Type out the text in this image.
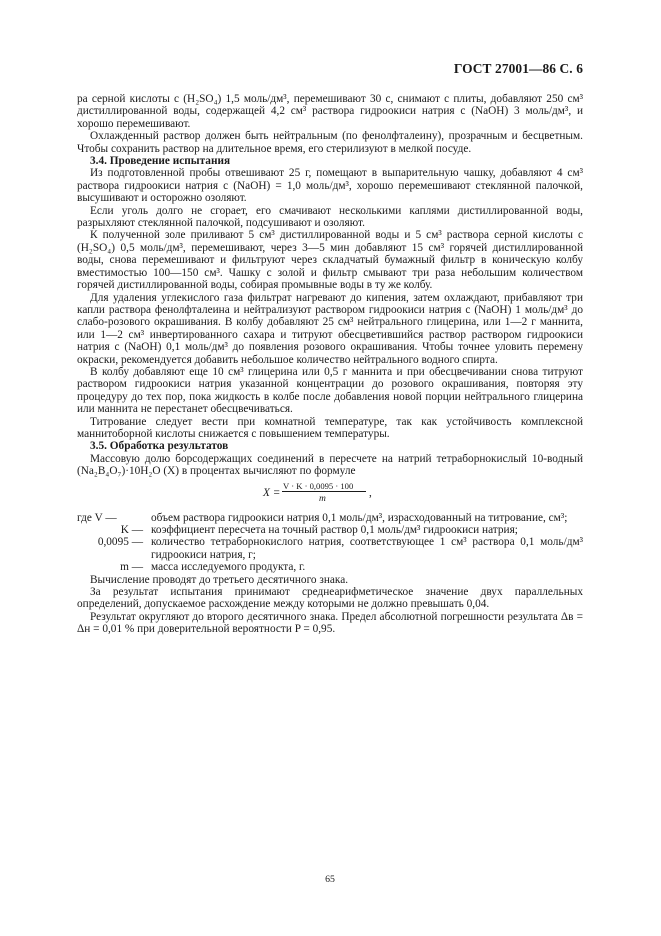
ГОСТ 27001—86 С. 6

ра серной кислоты c (H₂SO₄) 1,5 моль/дм³, перемешивают 30 с, снимают с плиты, добавляют 250 см³ дистиллированной воды, содержащей 4,2 см³ раствора гидроокиси натрия c (NaOH) 3 моль/дм³, и хорошо перемешивают.

Охлажденный раствор должен быть нейтральным (по фенолфталеину), прозрачным и бесцветным. Чтобы сохранить раствор на длительное время, его стерилизуют в мелкой посуде.

3.4. Проведение испытания

Из подготовленной пробы отвешивают 25 г, помещают в выпарительную чашку, добавляют 4 см³ раствора гидроокиси натрия c (NaOH) = 1,0 моль/дм³, хорошо перемешивают стеклянной палочкой, высушивают и осторожно озоляют.

Если уголь долго не сгорает, его смачивают несколькими каплями дистиллированной воды, разрыхляют стеклянной палочкой, подсушивают и озоляют.

К полученной золе приливают 5 см³ дистиллированной воды и 5 см³ раствора серной кислоты c (H₂SO₄) 0,5 моль/дм³, перемешивают, через 3—5 мин добавляют 15 см³ горячей дистиллированной воды, снова перемешивают и фильтруют через складчатый бумажный фильтр в коническую колбу вместимостью 100—150 см³. Чашку с золой и фильтр смывают три раза небольшим количеством горячей дистиллированной воды, собирая промывные воды в ту же колбу.

Для удаления углекислого газа фильтрат нагревают до кипения, затем охлаждают, прибавляют три капли раствора фенолфталеина и нейтрализуют раствором гидроокиси натрия c (NaOH) 1 моль/дм³ до слабо-розового окрашивания. В колбу добавляют 25 см³ нейтрального глицерина, или 1—2 г маннита, или 1—2 см³ инвертированного сахара и титруют обесцветившийся раствор раствором гидроокиси натрия c (NaOH) 0,1 моль/дм³ до появления розового окрашивания. Чтобы точнее уловить перемену окраски, рекомендуется добавить небольшое количество нейтрального водного спирта.

В колбу добавляют еще 10 см³ глицерина или 0,5 г маннита и при обесцвечивании снова титруют раствором гидроокиси натрия указанной концентрации до розового окрашивания, повторяя эту процедуру до тех пор, пока жидкость в колбе после добавления новой порции нейтрального глицерина или маннита не перестанет обесцвечиваться.

Титрование следует вести при комнатной температуре, так как устойчивость комплексной маннитоборной кислоты снижается с повышением температуры.

3.5. Обработка результатов

Массовую долю борсодержащих соединений в пересчете на натрий тетраборнокислый 10-водный (Na₂B₄O₇)·10H₂O (X) в процентах вычисляют по формуле

X =
V · K · 0,0095 · 100
m	,
где V —	объем раствора гидроокиси натрия 0,1 моль/дм³, израсходованный на титрование, см³;
K — коэффициент пересчета на точный раствор 0,1 моль/дм³ гидроокиси натрия;
0,0095 — количество тетраборнокислого натрия, соответствующее 1 см³ раствора 0,1 моль/дм³ гидроокиси натрия, г;
m — масса исследуемого продукта, г.

Вычисление проводят до третьего десятичного знака.

За результат испытания принимают среднеарифметическое значение двух параллельных определений, допускаемое расхождение между которыми не должно превышать 0,04.

Результат округляют до второго десятичного знака. Предел абсолютной погрешности результата Δв = Δн = 0,01 % при доверительной вероятности P = 0,95.

65
